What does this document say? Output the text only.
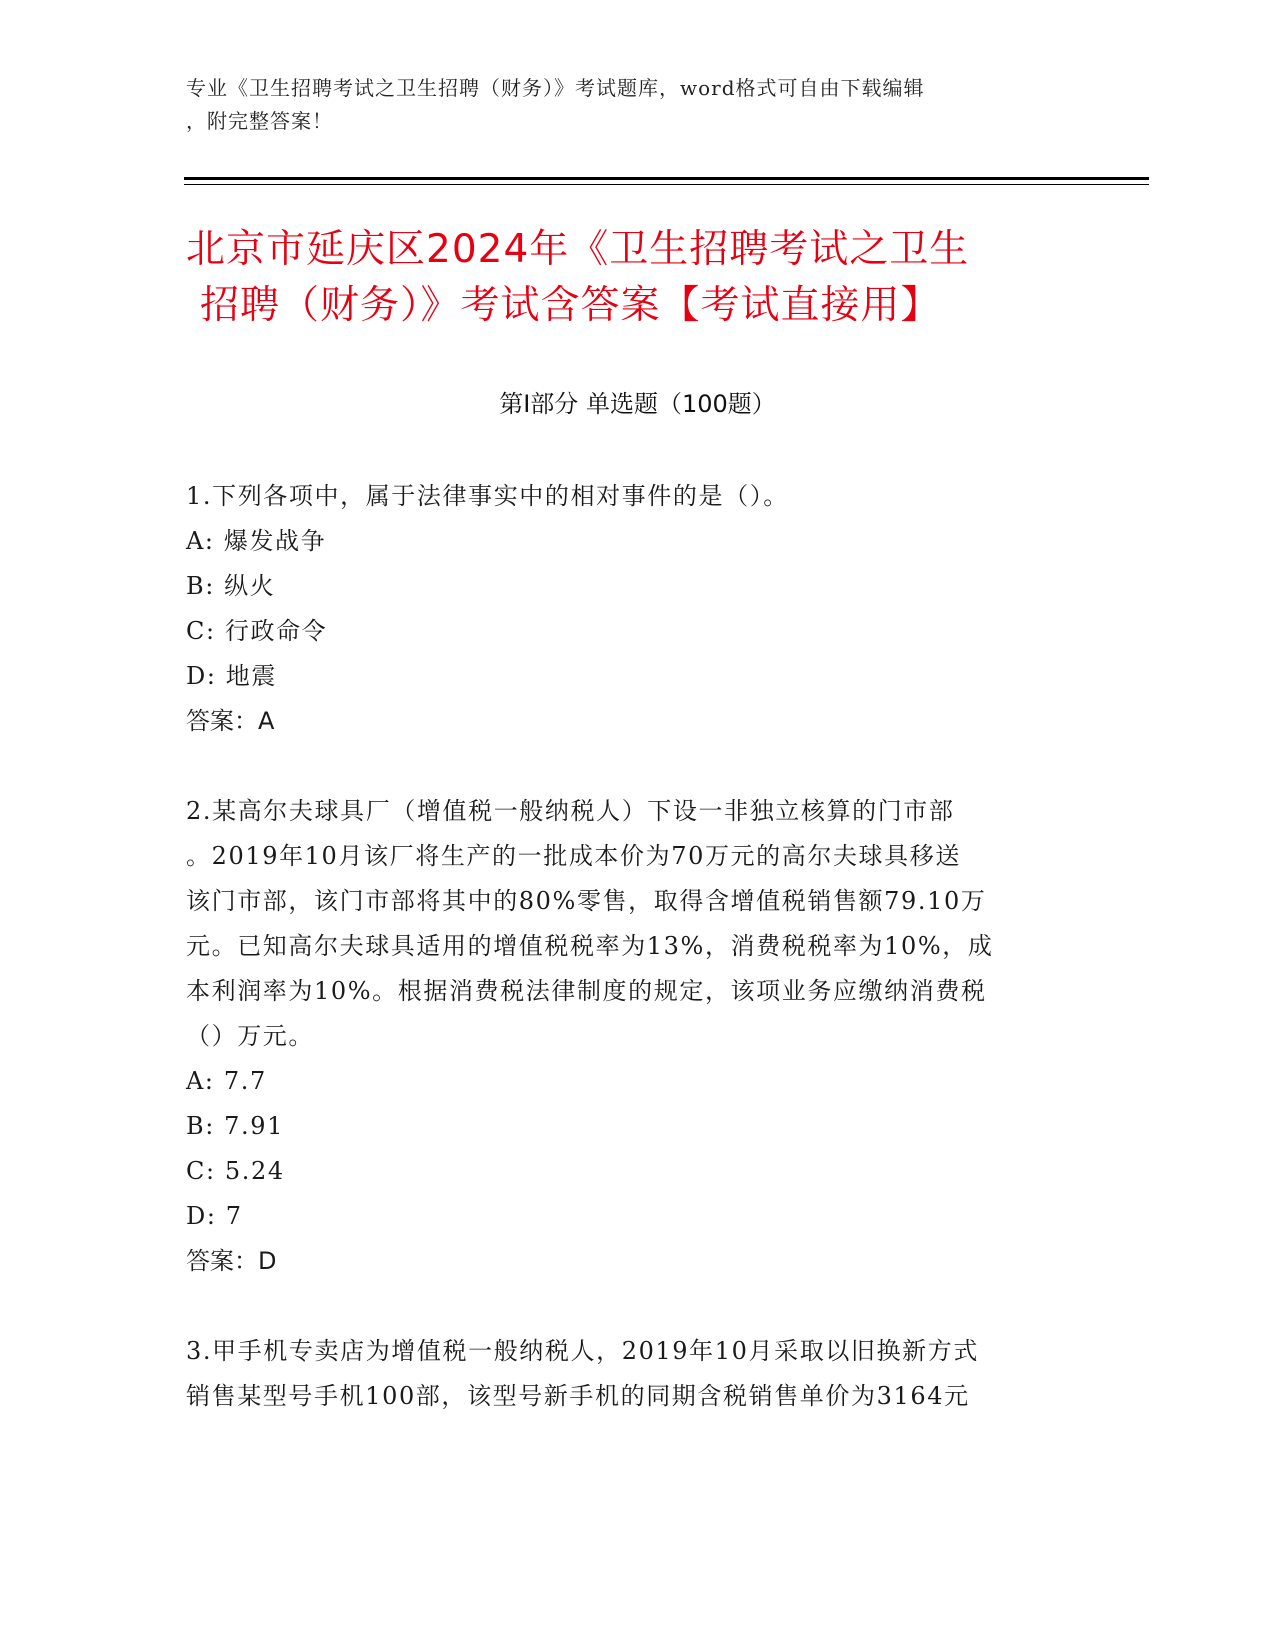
专业《卫生招聘考试之卫生招聘（财务）》考试题库，word格式可自由下载编辑
，附完整答案！
北京市延庆区2024年《卫生招聘考试之卫生
招聘（财务）》考试含答案【考试直接用】
第Ⅰ部分 单选题（100题）

1.下列各项中，属于法律事实中的相对事件的是（）。

A: 爆发战争

B: 纵火

C: 行政命令

D: 地震

答案：A

2.某高尔夫球具厂（增值税一般纳税人）下设一非独立核算的门市部

。2019年10月该厂将生产的一批成本价为70万元的高尔夫球具移送

该门市部，该门市部将其中的80%零售，取得含增值税销售额79.10万

元。已知高尔夫球具适用的增值税税率为13%，消费税税率为10%，成

本利润率为10%。根据消费税法律制度的规定，该项业务应缴纳消费税

（）万元。

A: 7.7

B: 7.91

C: 5.24

D: 7

答案：D

3.甲手机专卖店为增值税一般纳税人，2019年10月采取以旧换新方式

销售某型号手机100部，该型号新手机的同期含税销售单价为3164元
